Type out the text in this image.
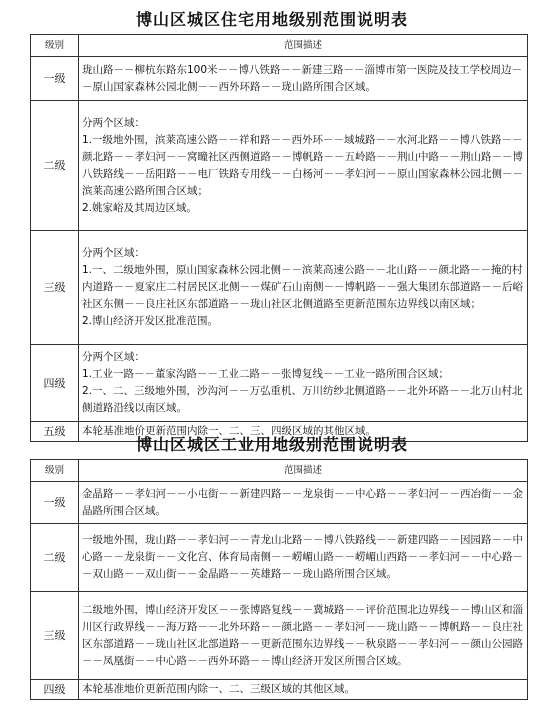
博山区城区住宅用地级别范围说明表
级别	范围描述
一级	珑山路－－柳杭东路东100米－－博八铁路－－新建三路－－淄博市第一医院及技工学校周边－－原山国家森林公园北侧－－西外环路－－珑山路所围合区域。

二级	分两个区域：
1.一级地外围，滨莱高速公路－－祥和路－－西外环－－域城路－－水河北路－－博八铁路－－颜北路－－孝妇河－－窝疃社区西侧道路－－博帆路－－五岭路－－荆山中路－－荆山路－－博八铁路线－－岳阳路－－电厂铁路专用线－－白杨河－－孝妇河－－原山国家森林公园北侧－－滨莱高速公路所围合区域；
2.姚家峪及其周边区域。

三级	分两个区域：
1.一、二级地外围，原山国家森林公园北侧－－滨莱高速公路－－北山路－－颜北路－－掩的村内道路－－夏家庄二村居民区北侧－－煤矿石山南侧－－博帆路－－强大集团东部道路－－后峪社区东侧－－良庄社区东部道路－－珑山社区北侧道路至更新范围东边界线以南区域；
2.博山经济开发区批准范围。

四级	分两个区域：
1.工业一路－－董家沟路－－工业二路－－张博复线－－工业一路所围合区域；
2.一、二、三级地外围，沙沟河－－万弘重机、万川纺纱北侧道路－－北外环路－－北万山村北侧道路沿线以南区域。

五级	本轮基准地价更新范围内除一、二、三、四级区域的其他区域。
博山区城区工业用地级别范围说明表
级别	范围描述
一级	金晶路－－孝妇河－－小屯街－－新建四路－－龙泉街－－中心路－－孝妇河－－西冶街－－金晶路所围合区域。

二级	一级地外围，珑山路－－孝妇河－－青龙山北路－－博八铁路线－－新建四路－－因园路－－中心路－－龙泉街－－文化宫、体育局南侧－－崂嵋山路－－崂嵋山西路－－孝妇河－－中心路－－双山路－－双山街－－金晶路－－英雄路－－珑山路所围合区域。

三级	二级地外围，博山经济开发区－－张博路复线－－冀城路－－评价范围北边界线－－博山区和淄川区行政界线－－海万路－－北外环路－－颜北路－－孝妇河－－珑山路－－博帆路－－良庄社区东部道路－－珑山社区北部道路－－更新范围东边界线－－秋泉路－－孝妇河－－颜山公园路－－凤凰街－－中心路－－西外环路－－博山经济开发区所围合区域。

四级	本轮基准地价更新范围内除一、二、三级区域的其他区域。
